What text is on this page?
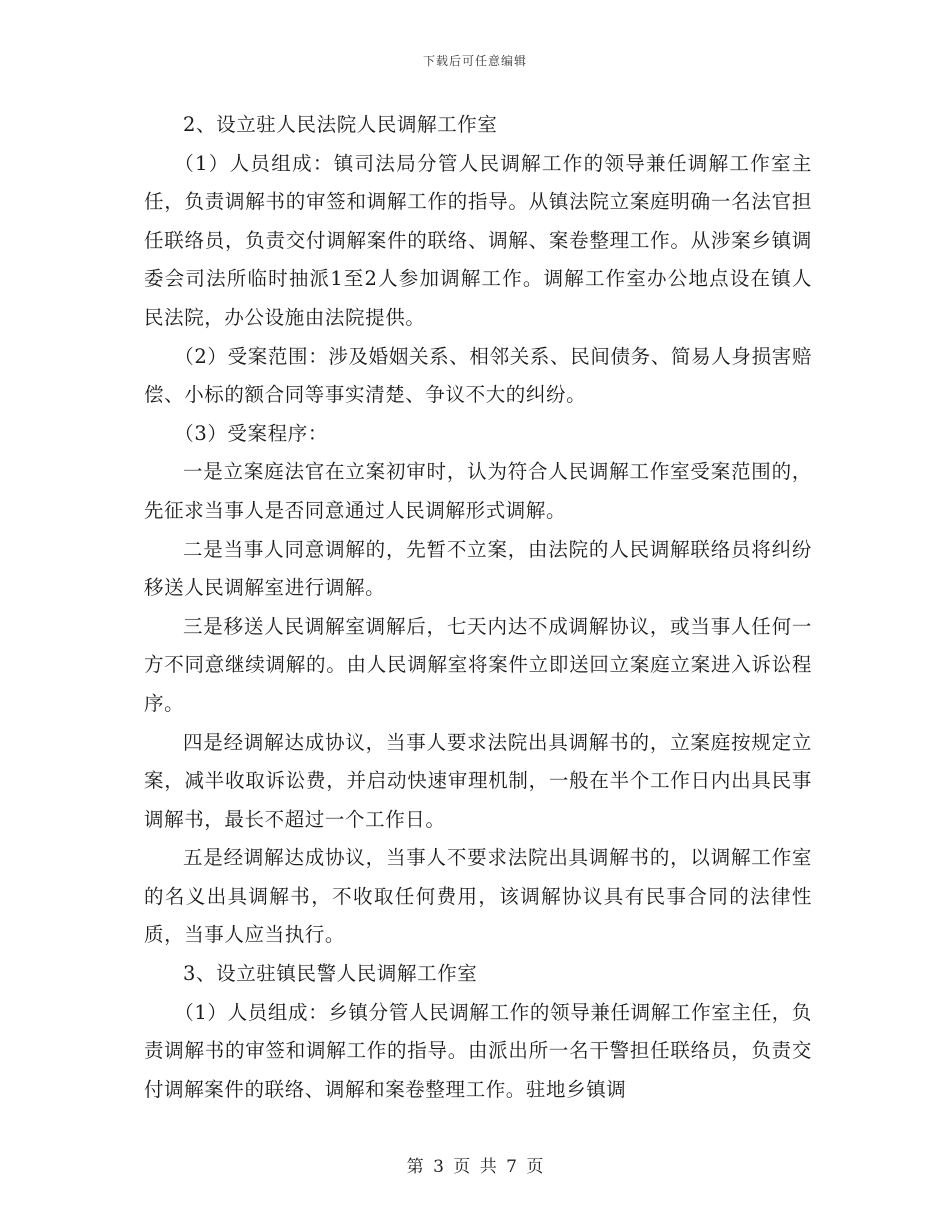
下载后可任意编辑

2、设立驻人民法院人民调解工作室

（1）人员组成：镇司法局分管人民调解工作的领导兼任调解工作室主任，负责调解书的审签和调解工作的指导。从镇法院立案庭明确一名法官担任联络员，负责交付调解案件的联络、调解、案卷整理工作。从涉案乡镇调委会司法所临时抽派1至2人参加调解工作。调解工作室办公地点设在镇人民法院，办公设施由法院提供。

（2）受案范围：涉及婚姻关系、相邻关系、民间债务、简易人身损害赔偿、小标的额合同等事实清楚、争议不大的纠纷。

（3）受案程序：

一是立案庭法官在立案初审时，认为符合人民调解工作室受案范围的，先征求当事人是否同意通过人民调解形式调解。

二是当事人同意调解的，先暂不立案，由法院的人民调解联络员将纠纷移送人民调解室进行调解。

三是移送人民调解室调解后，七天内达不成调解协议，或当事人任何一方不同意继续调解的。由人民调解室将案件立即送回立案庭立案进入诉讼程序。

四是经调解达成协议，当事人要求法院出具调解书的，立案庭按规定立案，减半收取诉讼费，并启动快速审理机制，一般在半个工作日内出具民事调解书，最长不超过一个工作日。

五是经调解达成协议，当事人不要求法院出具调解书的，以调解工作室的名义出具调解书，不收取任何费用，该调解协议具有民事合同的法律性质，当事人应当执行。

3、设立驻镇民警人民调解工作室

（1）人员组成：乡镇分管人民调解工作的领导兼任调解工作室主任，负责调解书的审签和调解工作的指导。由派出所一名干警担任联络员，负责交付调解案件的联络、调解和案卷整理工作。驻地乡镇调

第 3 页 共 7 页
